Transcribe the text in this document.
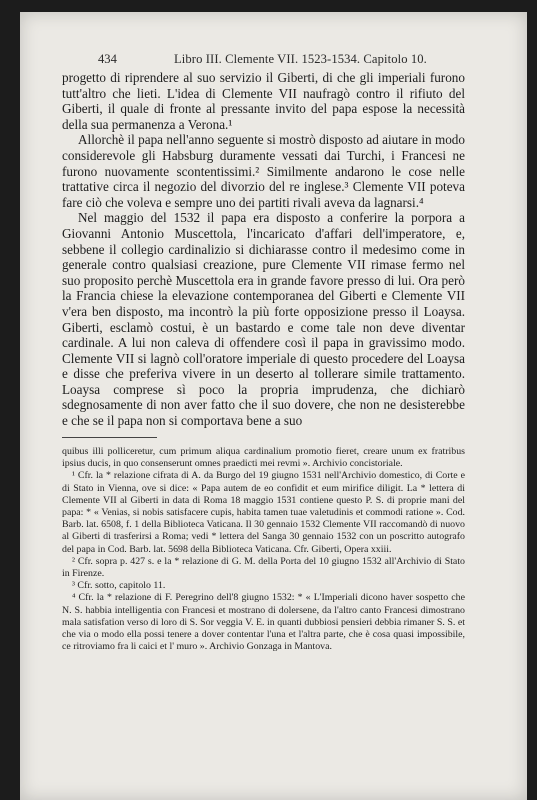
434	Libro III. Clemente VII. 1523-1534. Capitolo 10.

progetto di riprendere al suo servizio il Giberti, di che gli imperiali furono tutt'altro che lieti. L'idea di Clemente VII naufragò contro il rifiuto del Giberti, il quale di fronte al pressante invito del papa espose la necessità della sua permanenza a Verona.¹

Allorchè il papa nell'anno seguente si mostrò disposto ad aiutare in modo considerevole gli Habsburg duramente vessati dai Turchi, i Francesi ne furono nuovamente scontentissimi.² Similmente andarono le cose nelle trattative circa il negozio del divorzio del re inglese.³ Clemente VII poteva fare ciò che voleva e sempre uno dei partiti rivali aveva da lagnarsi.⁴

Nel maggio del 1532 il papa era disposto a conferire la porpora a Giovanni Antonio Muscettola, l'incaricato d'affari dell'imperatore, e, sebbene il collegio cardinalizio si dichiarasse contro il medesimo come in generale contro qualsiasi creazione, pure Clemente VII rimase fermo nel suo proposito perchè Muscettola era in grande favore presso di lui. Ora però la Francia chiese la elevazione contemporanea del Giberti e Clemente VII v'era ben disposto, ma incontrò la più forte opposizione presso il Loaysa. Giberti, esclamò costui, è un bastardo e come tale non deve diventar cardinale. A lui non caleva di offendere così il papa in gravissimo modo. Clemente VII si lagnò coll'oratore imperiale di questo procedere del Loaysa e disse che preferiva vivere in un deserto al tollerare simile trattamento. Loaysa comprese sì poco la propria imprudenza, che dichiarò sdegnosamente di non aver fatto che il suo dovere, che non ne desisterebbe e che se il papa non si comportava bene a suo

quibus illi polliceretur, cum primum aliqua cardinalium promotio fieret, creare unum ex fratribus ipsius ducis, in quo consenserunt omnes praedicti mei revmi ». Archivio concistoriale.

¹ Cfr. la * relazione cifrata di A. da Burgo del 19 giugno 1531 nell'Archivio domestico, di Corte e di Stato in Vienna, ove si dice: « Papa autem de eo confidit et eum mirifice diligit. La * lettera di Clemente VII al Giberti in data di Roma 18 maggio 1531 contiene questo P. S. di proprie mani del papa: * « Venias, si nobis satisfacere cupis, habita tamen tuae valetudinis et commodi ratione ». Cod. Barb. lat. 6508, f. 1 della Biblioteca Vaticana. Il 30 gennaio 1532 Clemente VII raccomandò di nuovo al Giberti di trasferirsi a Roma; vedi * lettera del Sanga 30 gennaio 1532 con un poscritto autografo del papa in Cod. Barb. lat. 5698 della Biblioteca Vaticana. Cfr. Giberti, Opera xxiii.

² Cfr. sopra p. 427 s. e la * relazione di G. M. della Porta del 10 giugno 1532 all'Archivio di Stato in Firenze.

³ Cfr. sotto, capitolo 11.

⁴ Cfr. la * relazione di F. Peregrino dell'8 giugno 1532: * « L'Imperiali dicono haver sospetto che N. S. habbia intelligentia con Francesi et mostrano di dolersene, da l'altro canto Francesi dimostrano mala satisfation verso di loro di S. Sor veggia V. E. in quanti dubbiosi pensieri debbia rimaner S. S. et che via o modo ella possi tenere a dover contentar l'una et l'altra parte, che è cosa quasi impossibile, ce ritroviamo fra li caici et l' muro ». Archivio Gonzaga in Mantova.
